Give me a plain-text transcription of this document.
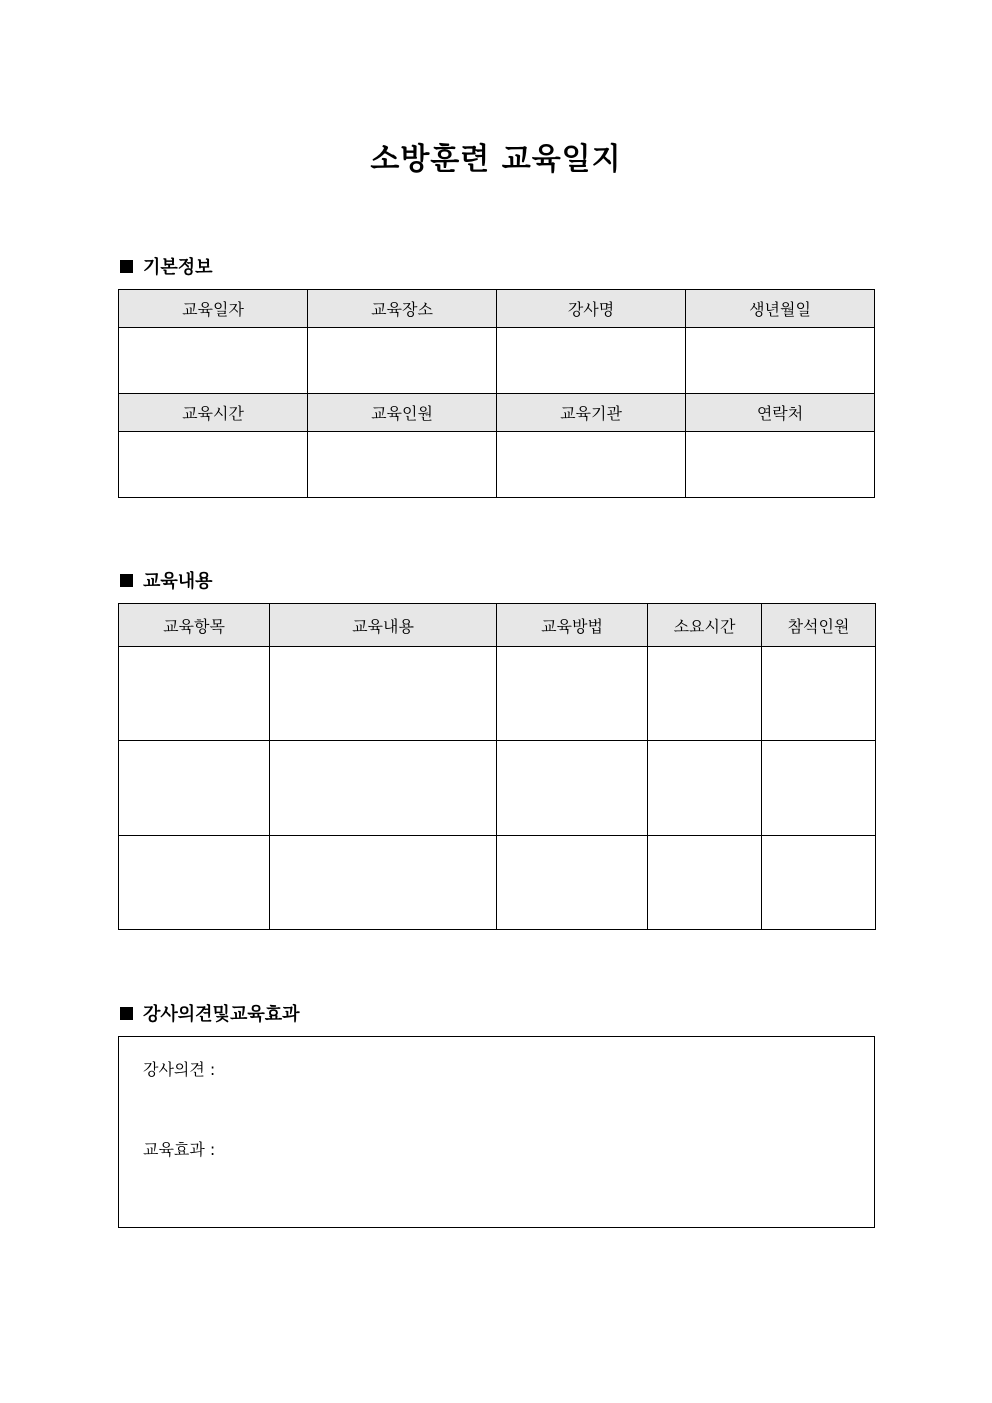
소방훈련 교육일지
기본정보
교육일자	교육장소	강사명	생년월일

교육시간	교육인원	교육기관	연락처

교육내용
교육항목	교육내용	교육방법	소요시간	참석인원

강사의견및교육효과
강사의견 :
교육효과 :
